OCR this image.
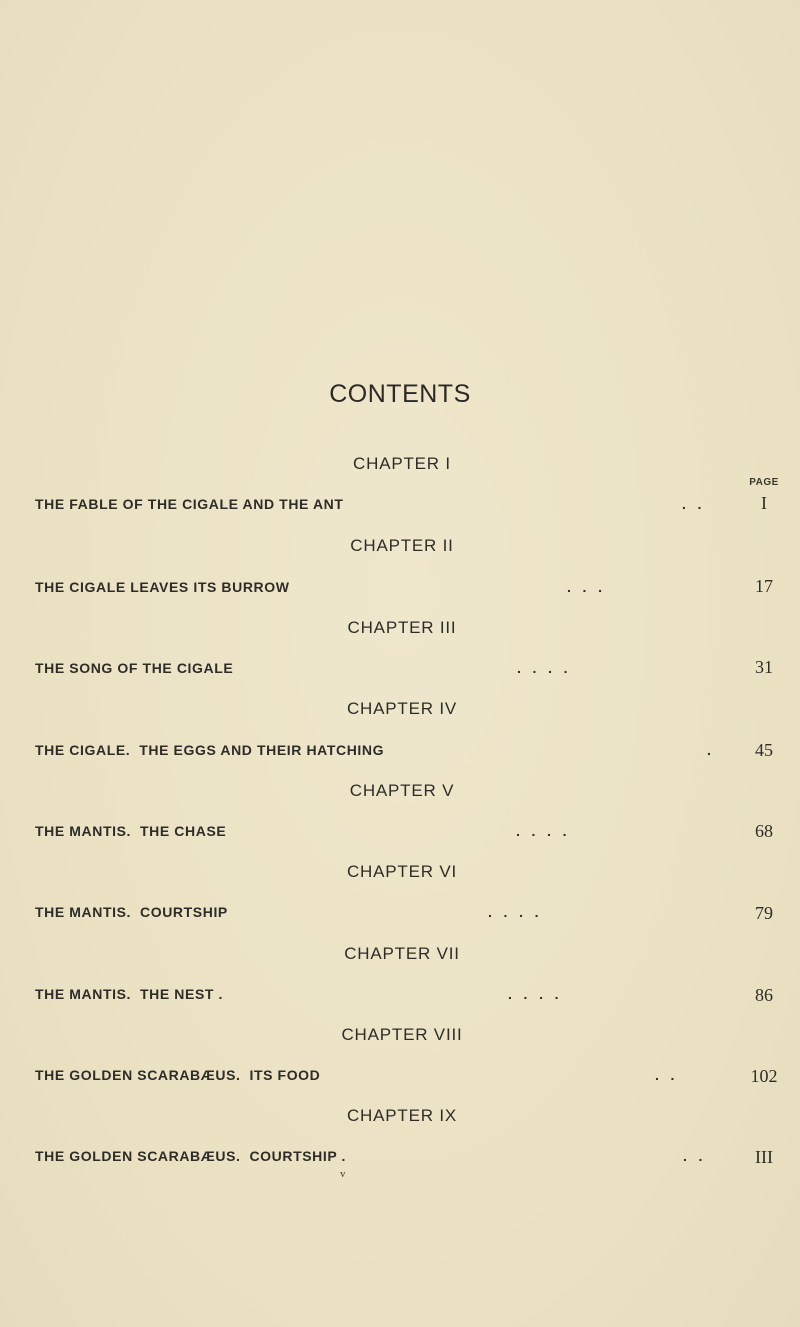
CONTENTS
PAGE
CHAPTER I
THE FABLE OF THE CIGALE AND THE ANT	.   .	I
CHAPTER II
THE CIGALE LEAVES ITS BURROW	.   .   .	17
CHAPTER III
THE SONG OF THE CIGALE	.   .   .   .	31
CHAPTER IV
THE CIGALE.  THE EGGS AND THEIR HATCHING	. 45
CHAPTER V
THE MANTIS.  THE CHASE	.   .   .   .	68
CHAPTER VI
THE MANTIS.  COURTSHIP	.   .   .   .	79
CHAPTER VII
THE MANTIS.  THE NEST .	.   .   .   .	86
CHAPTER VIII
THE GOLDEN SCARABÆUS.  ITS FOOD	.   .	102
CHAPTER IX
THE GOLDEN SCARABÆUS.  COURTSHIP .	.   .	III
v
